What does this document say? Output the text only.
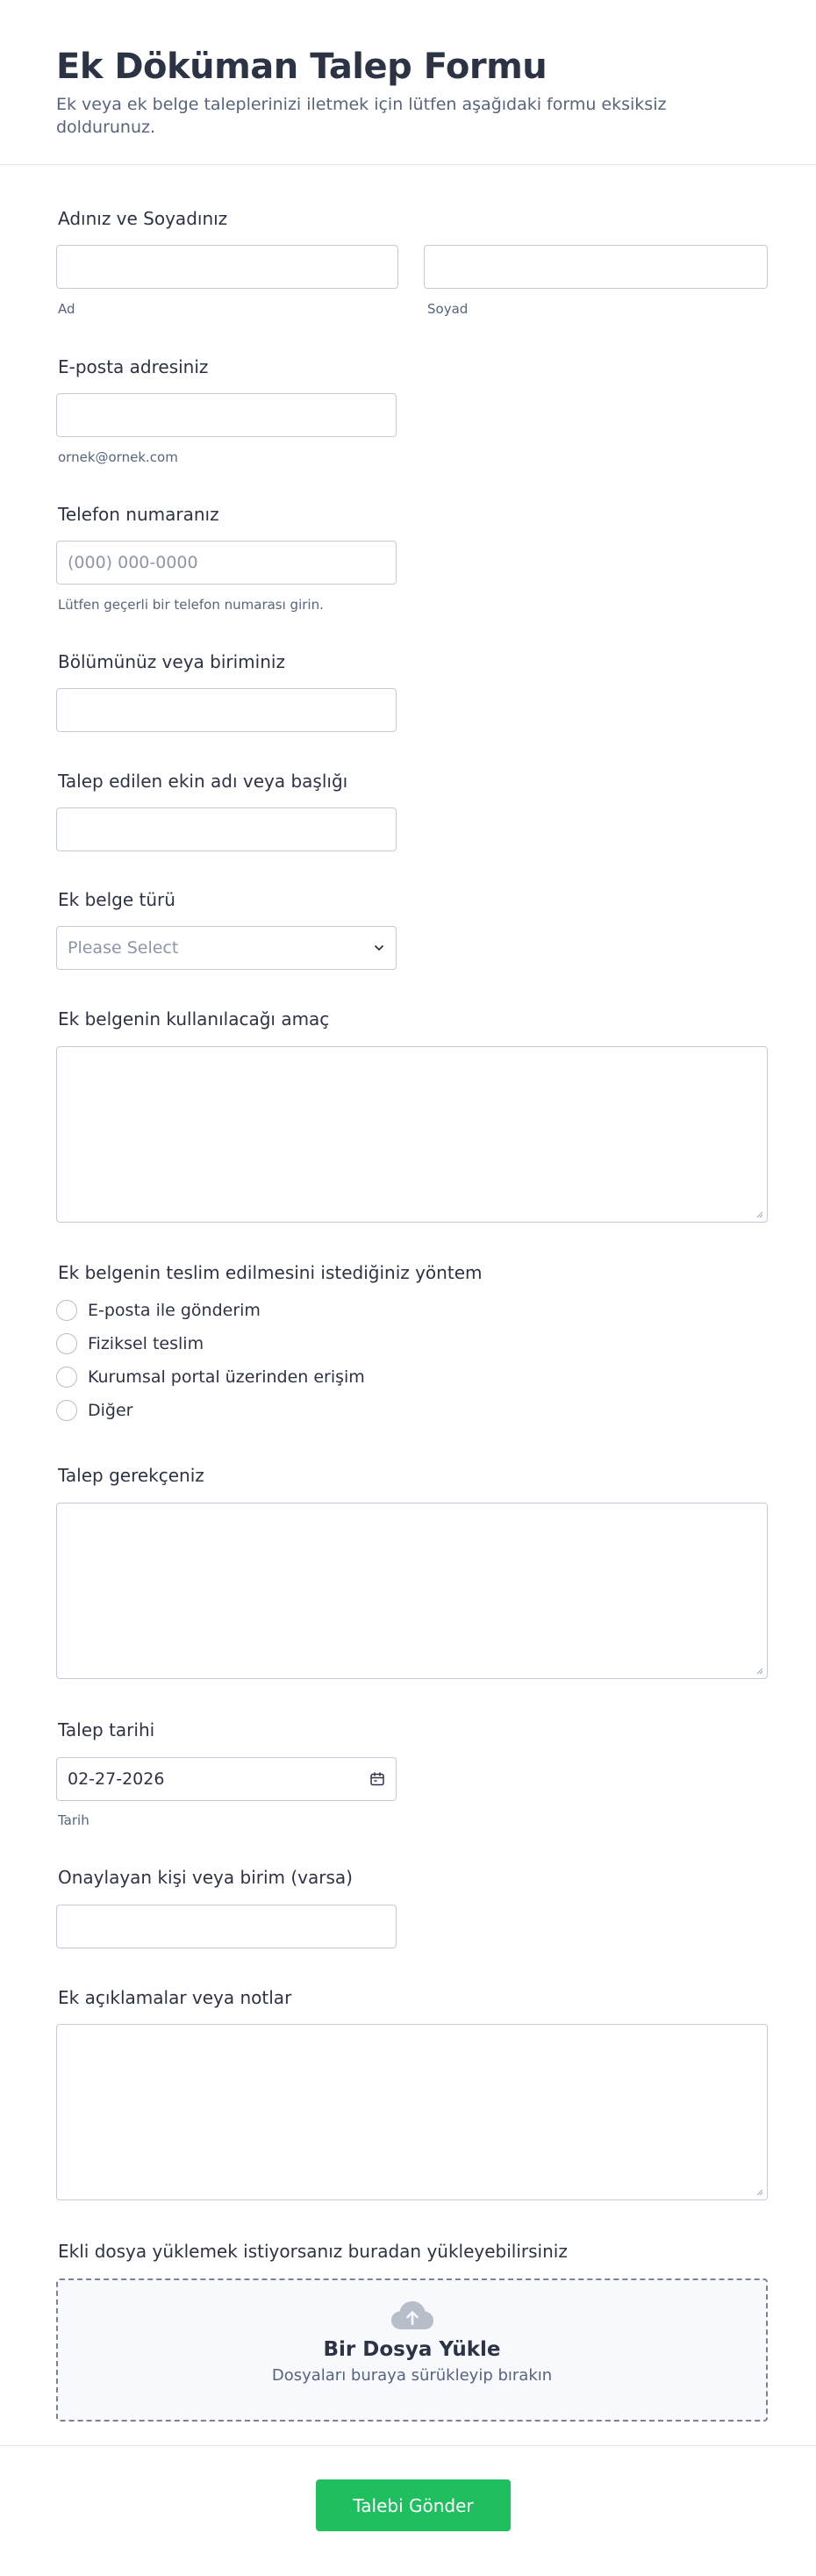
Ek Döküman Talep Formu

Ek veya ek belge taleplerinizi iletmek için lütfen aşağıdaki formu eksiksiz doldurunuz.

Adınız ve Soyadınız
Ad	Soyad
E-posta adresiniz
ornek@ornek.com
Telefon numaranız
(000) 000-0000
Lütfen geçerli bir telefon numarası girin.
Bölümünüz veya biriminiz
Talep edilen ekin adı veya başlığı
Ek belge türü
Please Select
Ek belgenin kullanılacağı amaç
Ek belgenin teslim edilmesini istediğiniz yöntem
E-posta ile gönderim
Fiziksel teslim
Kurumsal portal üzerinden erişim
Diğer
Talep gerekçeniz
Talep tarihi
02-27-2026
Tarih
Onaylayan kişi veya birim (varsa)
Ek açıklamalar veya notlar
Ekli dosya yüklemek istiyorsanız buradan yükleyebilirsiniz
Bir Dosya Yükle
Dosyaları buraya sürükleyip bırakın
Talebi Gönder
